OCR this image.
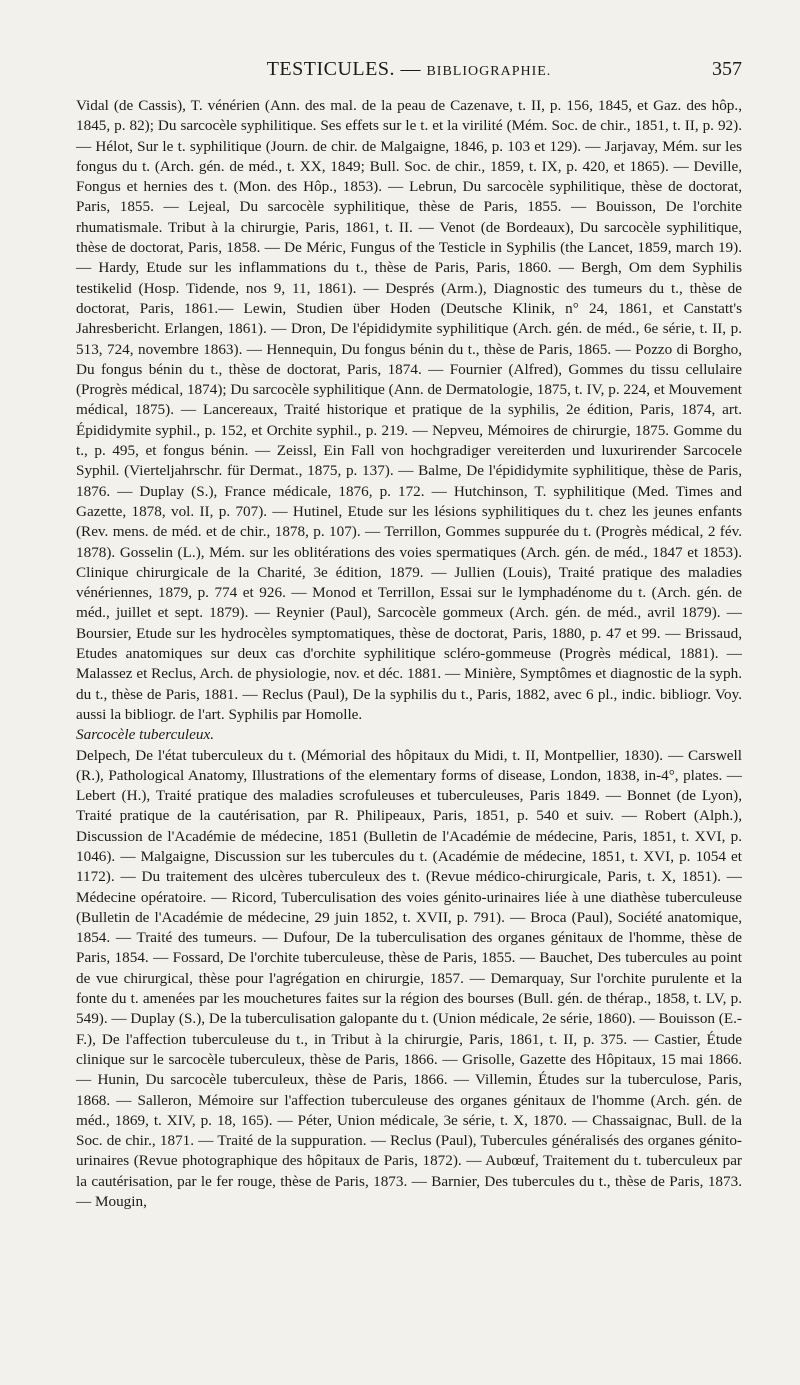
TESTICULES. — BIBLIOGRAPHIE.	357

Vidal (de Cassis), T. vénérien (Ann. des mal. de la peau de Cazenave, t. II, p. 156, 1845, et Gaz. des hôp., 1845, p. 82); Du sarcocèle syphilitique. Ses effets sur le t. et la virilité (Mém. Soc. de chir., 1851, t. II, p. 92). — Hélot, Sur le t. syphilitique (Journ. de chir. de Malgaigne, 1846, p. 103 et 129). — Jarjavay, Mém. sur les fongus du t. (Arch. gén. de méd., t. XX, 1849; Bull. Soc. de chir., 1859, t. IX, p. 420, et 1865). — Deville, Fongus et hernies des t. (Mon. des Hôp., 1853). — Lebrun, Du sarcocèle syphilitique, thèse de doctorat, Paris, 1855. — Lejeal, Du sarcocèle syphilitique, thèse de Paris, 1855. — Bouisson, De l'orchite rhumatismale. Tribut à la chirurgie, Paris, 1861, t. II. — Venot (de Bordeaux), Du sarcocèle syphilitique, thèse de doctorat, Paris, 1858. — De Méric, Fungus of the Testicle in Syphilis (the Lancet, 1859, march 19). — Hardy, Etude sur les inflammations du t., thèse de Paris, Paris, 1860. — Bergh, Om dem Syphilis testikelid (Hosp. Tidende, nos 9, 11, 1861). — Després (Arm.), Diagnostic des tumeurs du t., thèse de doctorat, Paris, 1861.— Lewin, Studien über Hoden (Deutsche Klinik, n° 24, 1861, et Canstatt's Jahresbericht. Erlangen, 1861). — Dron, De l'épididymite syphilitique (Arch. gén. de méd., 6e série, t. II, p. 513, 724, novembre 1863). — Hennequin, Du fongus bénin du t., thèse de Paris, 1865. — Pozzo di Borgho, Du fongus bénin du t., thèse de doctorat, Paris, 1874. — Fournier (Alfred), Gommes du tissu cellulaire (Progrès médical, 1874); Du sarcocèle syphilitique (Ann. de Dermatologie, 1875, t. IV, p. 224, et Mouvement médical, 1875). — Lancereaux, Traité historique et pratique de la syphilis, 2e édition, Paris, 1874, art. Épididymite syphil., p. 152, et Orchite syphil., p. 219. — Nepveu, Mémoires de chirurgie, 1875. Gomme du t., p. 495, et fongus bénin. — Zeissl, Ein Fall von hochgradiger vereiterden und luxurirender Sarcocele Syphil. (Vierteljahrschr. für Dermat., 1875, p. 137). — Balme, De l'épididymite syphilitique, thèse de Paris, 1876. — Duplay (S.), France médicale, 1876, p. 172. — Hutchinson, T. syphilitique (Med. Times and Gazette, 1878, vol. II, p. 707). — Hutinel, Etude sur les lésions syphilitiques du t. chez les jeunes enfants (Rev. mens. de méd. et de chir., 1878, p. 107). — Terrillon, Gommes suppurée du t. (Progrès médical, 2 fév. 1878). Gosselin (L.), Mém. sur les oblitérations des voies spermatiques (Arch. gén. de méd., 1847 et 1853). Clinique chirurgicale de la Charité, 3e édition, 1879. — Jullien (Louis), Traité pratique des maladies vénériennes, 1879, p. 774 et 926. — Monod et Terrillon, Essai sur le lymphadénome du t. (Arch. gén. de méd., juillet et sept. 1879). — Reynier (Paul), Sarcocèle gommeux (Arch. gén. de méd., avril 1879). — Boursier, Etude sur les hydrocèles symptomatiques, thèse de doctorat, Paris, 1880, p. 47 et 99. — Brissaud, Etudes anatomiques sur deux cas d'orchite syphilitique scléro-gommeuse (Progrès médical, 1881). — Malassez et Reclus, Arch. de physiologie, nov. et déc. 1881. — Minière, Symptômes et diagnostic de la syph. du t., thèse de Paris, 1881. — Reclus (Paul), De la syphilis du t., Paris, 1882, avec 6 pl., indic. bibliogr. Voy. aussi la bibliogr. de l'art. Syphilis par Homolle.

Sarcocèle tuberculeux.

Delpech, De l'état tuberculeux du t. (Mémorial des hôpitaux du Midi, t. II, Montpellier, 1830). — Carswell (R.), Pathological Anatomy, Illustrations of the elementary forms of disease, London, 1838, in-4°, plates. — Lebert (H.), Traité pratique des maladies scrofuleuses et tuberculeuses, Paris 1849. — Bonnet (de Lyon), Traité pratique de la cautérisation, par R. Philipeaux, Paris, 1851, p. 540 et suiv. — Robert (Alph.), Discussion de l'Académie de médecine, 1851 (Bulletin de l'Académie de médecine, Paris, 1851, t. XVI, p. 1046). — Malgaigne, Discussion sur les tubercules du t. (Académie de médecine, 1851, t. XVI, p. 1054 et 1172). — Du traitement des ulcères tuberculeux des t. (Revue médico-chirurgicale, Paris, t. X, 1851). — Médecine opératoire. — Ricord, Tuberculisation des voies génito-urinaires liée à une diathèse tuberculeuse (Bulletin de l'Académie de médecine, 29 juin 1852, t. XVII, p. 791). — Broca (Paul), Société anatomique, 1854. — Traité des tumeurs. — Dufour, De la tuberculisation des organes génitaux de l'homme, thèse de Paris, 1854. — Fossard, De l'orchite tuberculeuse, thèse de Paris, 1855. — Bauchet, Des tubercules au point de vue chirurgical, thèse pour l'agrégation en chirurgie, 1857. — Demarquay, Sur l'orchite purulente et la fonte du t. amenées par les mouchetures faites sur la région des bourses (Bull. gén. de thérap., 1858, t. LV, p. 549). — Duplay (S.), De la tuberculisation galopante du t. (Union médicale, 2e série, 1860). — Bouisson (E.-F.), De l'affection tuberculeuse du t., in Tribut à la chirurgie, Paris, 1861, t. II, p. 375. — Castier, Étude clinique sur le sarcocèle tuberculeux, thèse de Paris, 1866. — Grisolle, Gazette des Hôpitaux, 15 mai 1866. — Hunin, Du sarcocèle tuberculeux, thèse de Paris, 1866. — Villemin, Études sur la tuberculose, Paris, 1868. — Salleron, Mémoire sur l'affection tuberculeuse des organes génitaux de l'homme (Arch. gén. de méd., 1869, t. XIV, p. 18, 165). — Péter, Union médicale, 3e série, t. X, 1870. — Chassaignac, Bull. de la Soc. de chir., 1871. — Traité de la suppuration. — Reclus (Paul), Tubercules généralisés des organes génito-urinaires (Revue photographique des hôpitaux de Paris, 1872). — Aubœuf, Traitement du t. tuberculeux par la cautérisation, par le fer rouge, thèse de Paris, 1873. — Barnier, Des tubercules du t., thèse de Paris, 1873. — Mougin,
